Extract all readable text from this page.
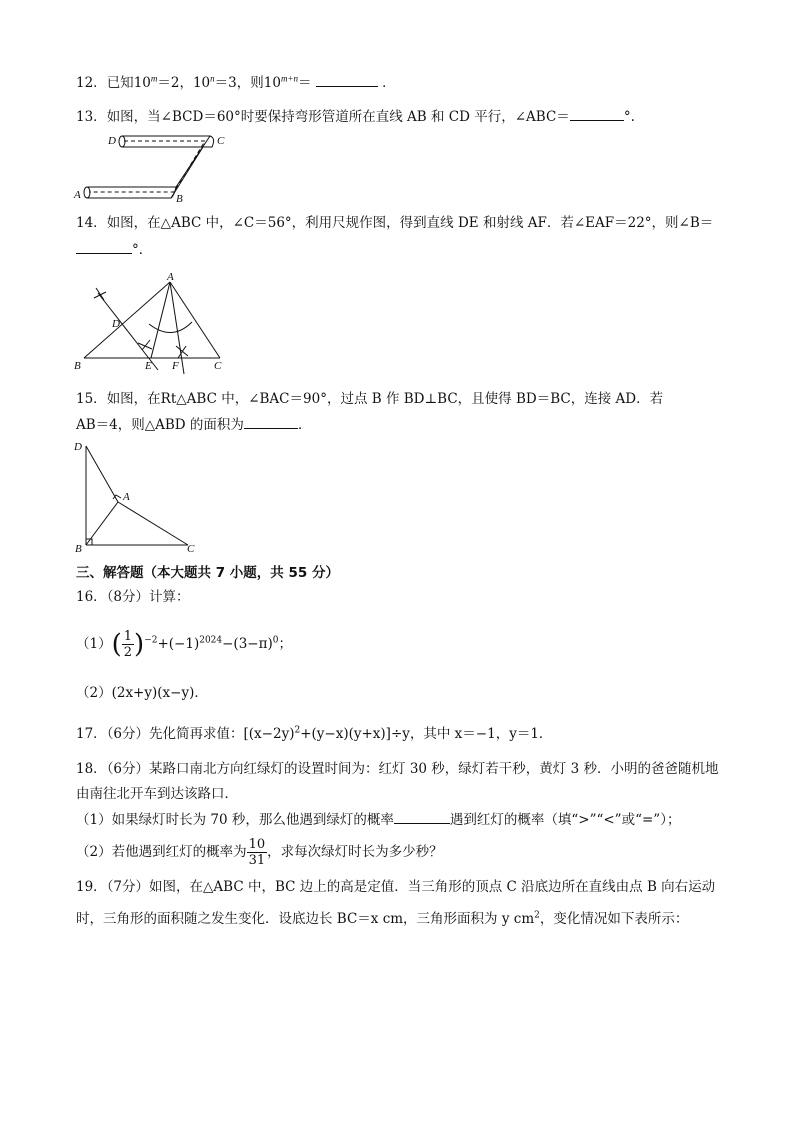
12．已知$10^m=2$，$10^n=3$，则$10^{m+n}=$	．
13．如图，当∠BCD＝60°时要保持弯形管道所在直线 AB 和 CD 平行，∠ABC＝	°.
D	C
A	B
14．如图，在△ABC 中，∠C＝56°，利用尺规作图，得到直线 DE 和射线 AF．若∠EAF＝22°，则∠B＝
°．
A
B	C
D
E F
15．如图，在Rt△ABC 中，∠BAC＝90°，过点 B 作 BD⊥BC，且使得 BD＝BC，连接 AD．若
AB＝4，则△ABD 的面积为	．
D
A
B	C
三、解答题（本大题共 7 小题，共 55 分）
16．（8分）计算：
$(1)( \frac{1}{2} )^{-2}+(-1)^{2024}-(3-\pi)^0$；
（2）(2x+y)(x−y)．
17．（6分）先化简再求值：$[(x-2y)^2+(y-x)(y+x)]\div y$，其中 x＝−1，y＝1．
18．（6分）某路口南北方向红绿灯的设置时间为：红灯 30 秒，绿灯若干秒，黄灯 3 秒．小明的爸爸随机地
由南往北开车到达该路口．
（1）如果绿灯时长为 70 秒，那么他遇到绿灯的概率	遇到红灯的概率（填“>”“<”或“=”）；
（2）若他遇到红灯的概率为 $\frac{10}{31}$ ，求每次绿灯时长为多少秒？
19．（7分）如图，在△ABC 中，BC 边上的高是定值．当三角形的顶点 C 沿底边所在直线由点 B 向右运动
时，三角形的面积随之发生变化．设底边长 BC＝x cm，三角形面积为 y $cm^2$，变化情况如下表所示：
